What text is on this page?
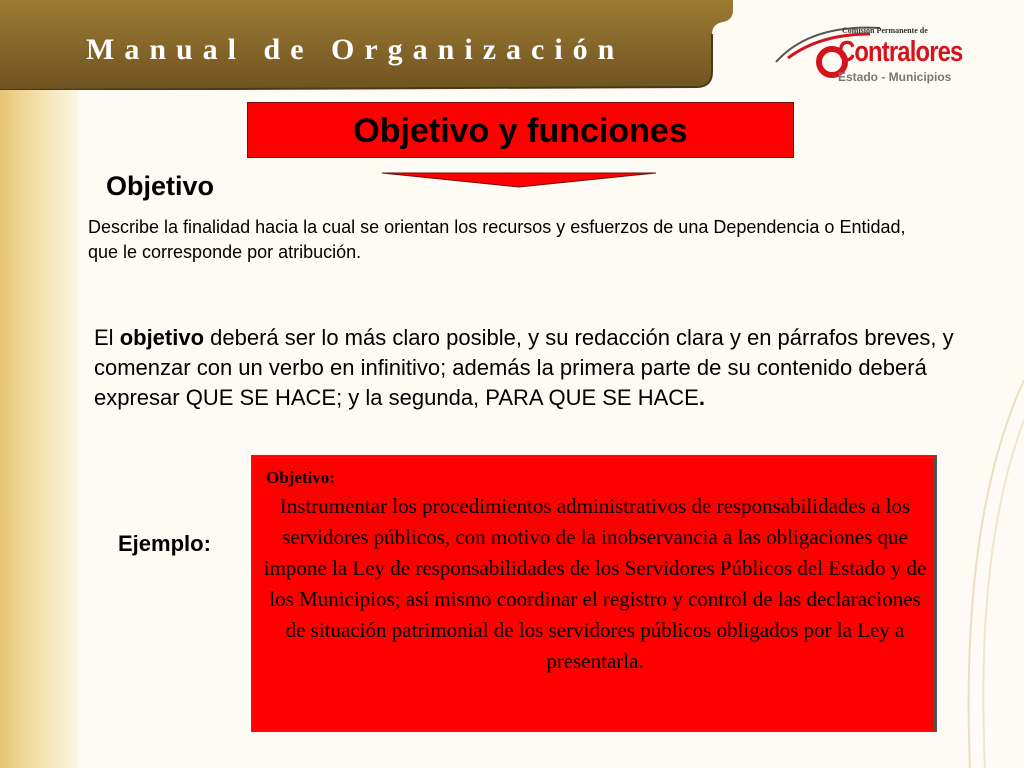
Manual de Organización
Comisión Permanente de
Contralores
Estado - Municipios
Objetivo y funciones
Objetivo
Describe la finalidad hacia la cual se orientan los recursos y esfuerzos de una Dependencia o Entidad, que le corresponde por atribución.
El objetivo deberá ser lo más claro posible, y su redacción clara y en párrafos breves, y comenzar con un verbo en infinitivo; además la primera parte de su contenido deberá expresar QUE SE HACE; y la segunda, PARA QUE SE HACE.
Ejemplo:
Objetivo:
Instrumentar los procedimientos administrativos de responsabilidades a los servidores públicos, con motivo de la inobservancia a las obligaciones que impone la Ley de responsabilidades de los Servidores Públicos del Estado y de los Municipios; así mismo coordinar el registro y control de las declaraciones de situación patrimonial de los servidores públicos obligados por la Ley a presentarla.
